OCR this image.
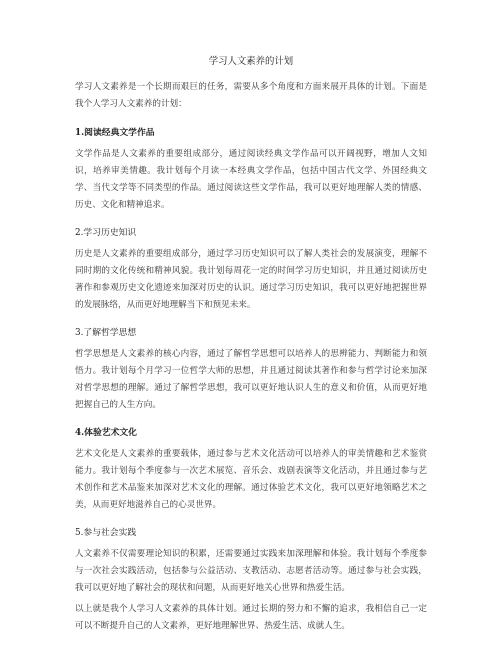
学习人文素养的计划

学习人文素养是一个长期而艰巨的任务，需要从多个角度和方面来展开具体的计划。下面是我个人学习人文素养的计划：

1.阅读经典文学作品

文学作品是人文素养的重要组成部分，通过阅读经典文学作品可以开阔视野，增加人文知识，培养审美情趣。我计划每个月读一本经典文学作品，包括中国古代文学、外国经典文学、当代文学等不同类型的作品。通过阅读这些文学作品，我可以更好地理解人类的情感、历史、文化和精神追求。

2.学习历史知识

历史是人文素养的重要组成部分，通过学习历史知识可以了解人类社会的发展演变，理解不同时期的文化传统和精神风貌。我计划每周花一定的时间学习历史知识，并且通过阅读历史著作和参观历史文化遗迹来加深对历史的认识。通过学习历史知识，我可以更好地把握世界的发展脉络，从而更好地理解当下和预见未来。

3.了解哲学思想

哲学思想是人文素养的核心内容，通过了解哲学思想可以培养人的思辨能力、判断能力和领悟力。我计划每个月学习一位哲学大师的思想，并且通过阅读其著作和参与哲学讨论来加深对哲学思想的理解。通过了解哲学思想，我可以更好地认识人生的意义和价值，从而更好地把握自己的人生方向。

4.体验艺术文化

艺术文化是人文素养的重要载体，通过参与艺术文化活动可以培养人的审美情趣和艺术鉴赏能力。我计划每个季度参与一次艺术展览、音乐会、戏剧表演等文化活动，并且通过参与艺术创作和艺术品鉴来加深对艺术文化的理解。通过体验艺术文化，我可以更好地领略艺术之美，从而更好地滋养自己的心灵世界。

5.参与社会实践

人文素养不仅需要理论知识的积累，还需要通过实践来加深理解和体验。我计划每个季度参与一次社会实践活动，包括参与公益活动、支教活动、志愿者活动等。通过参与社会实践，我可以更好地了解社会的现状和问题，从而更好地关心世界和热爱生活。

以上就是我个人学习人文素养的具体计划。通过长期的努力和不懈的追求，我相信自己一定可以不断提升自己的人文素养，更好地理解世界、热爱生活、成就人生。
